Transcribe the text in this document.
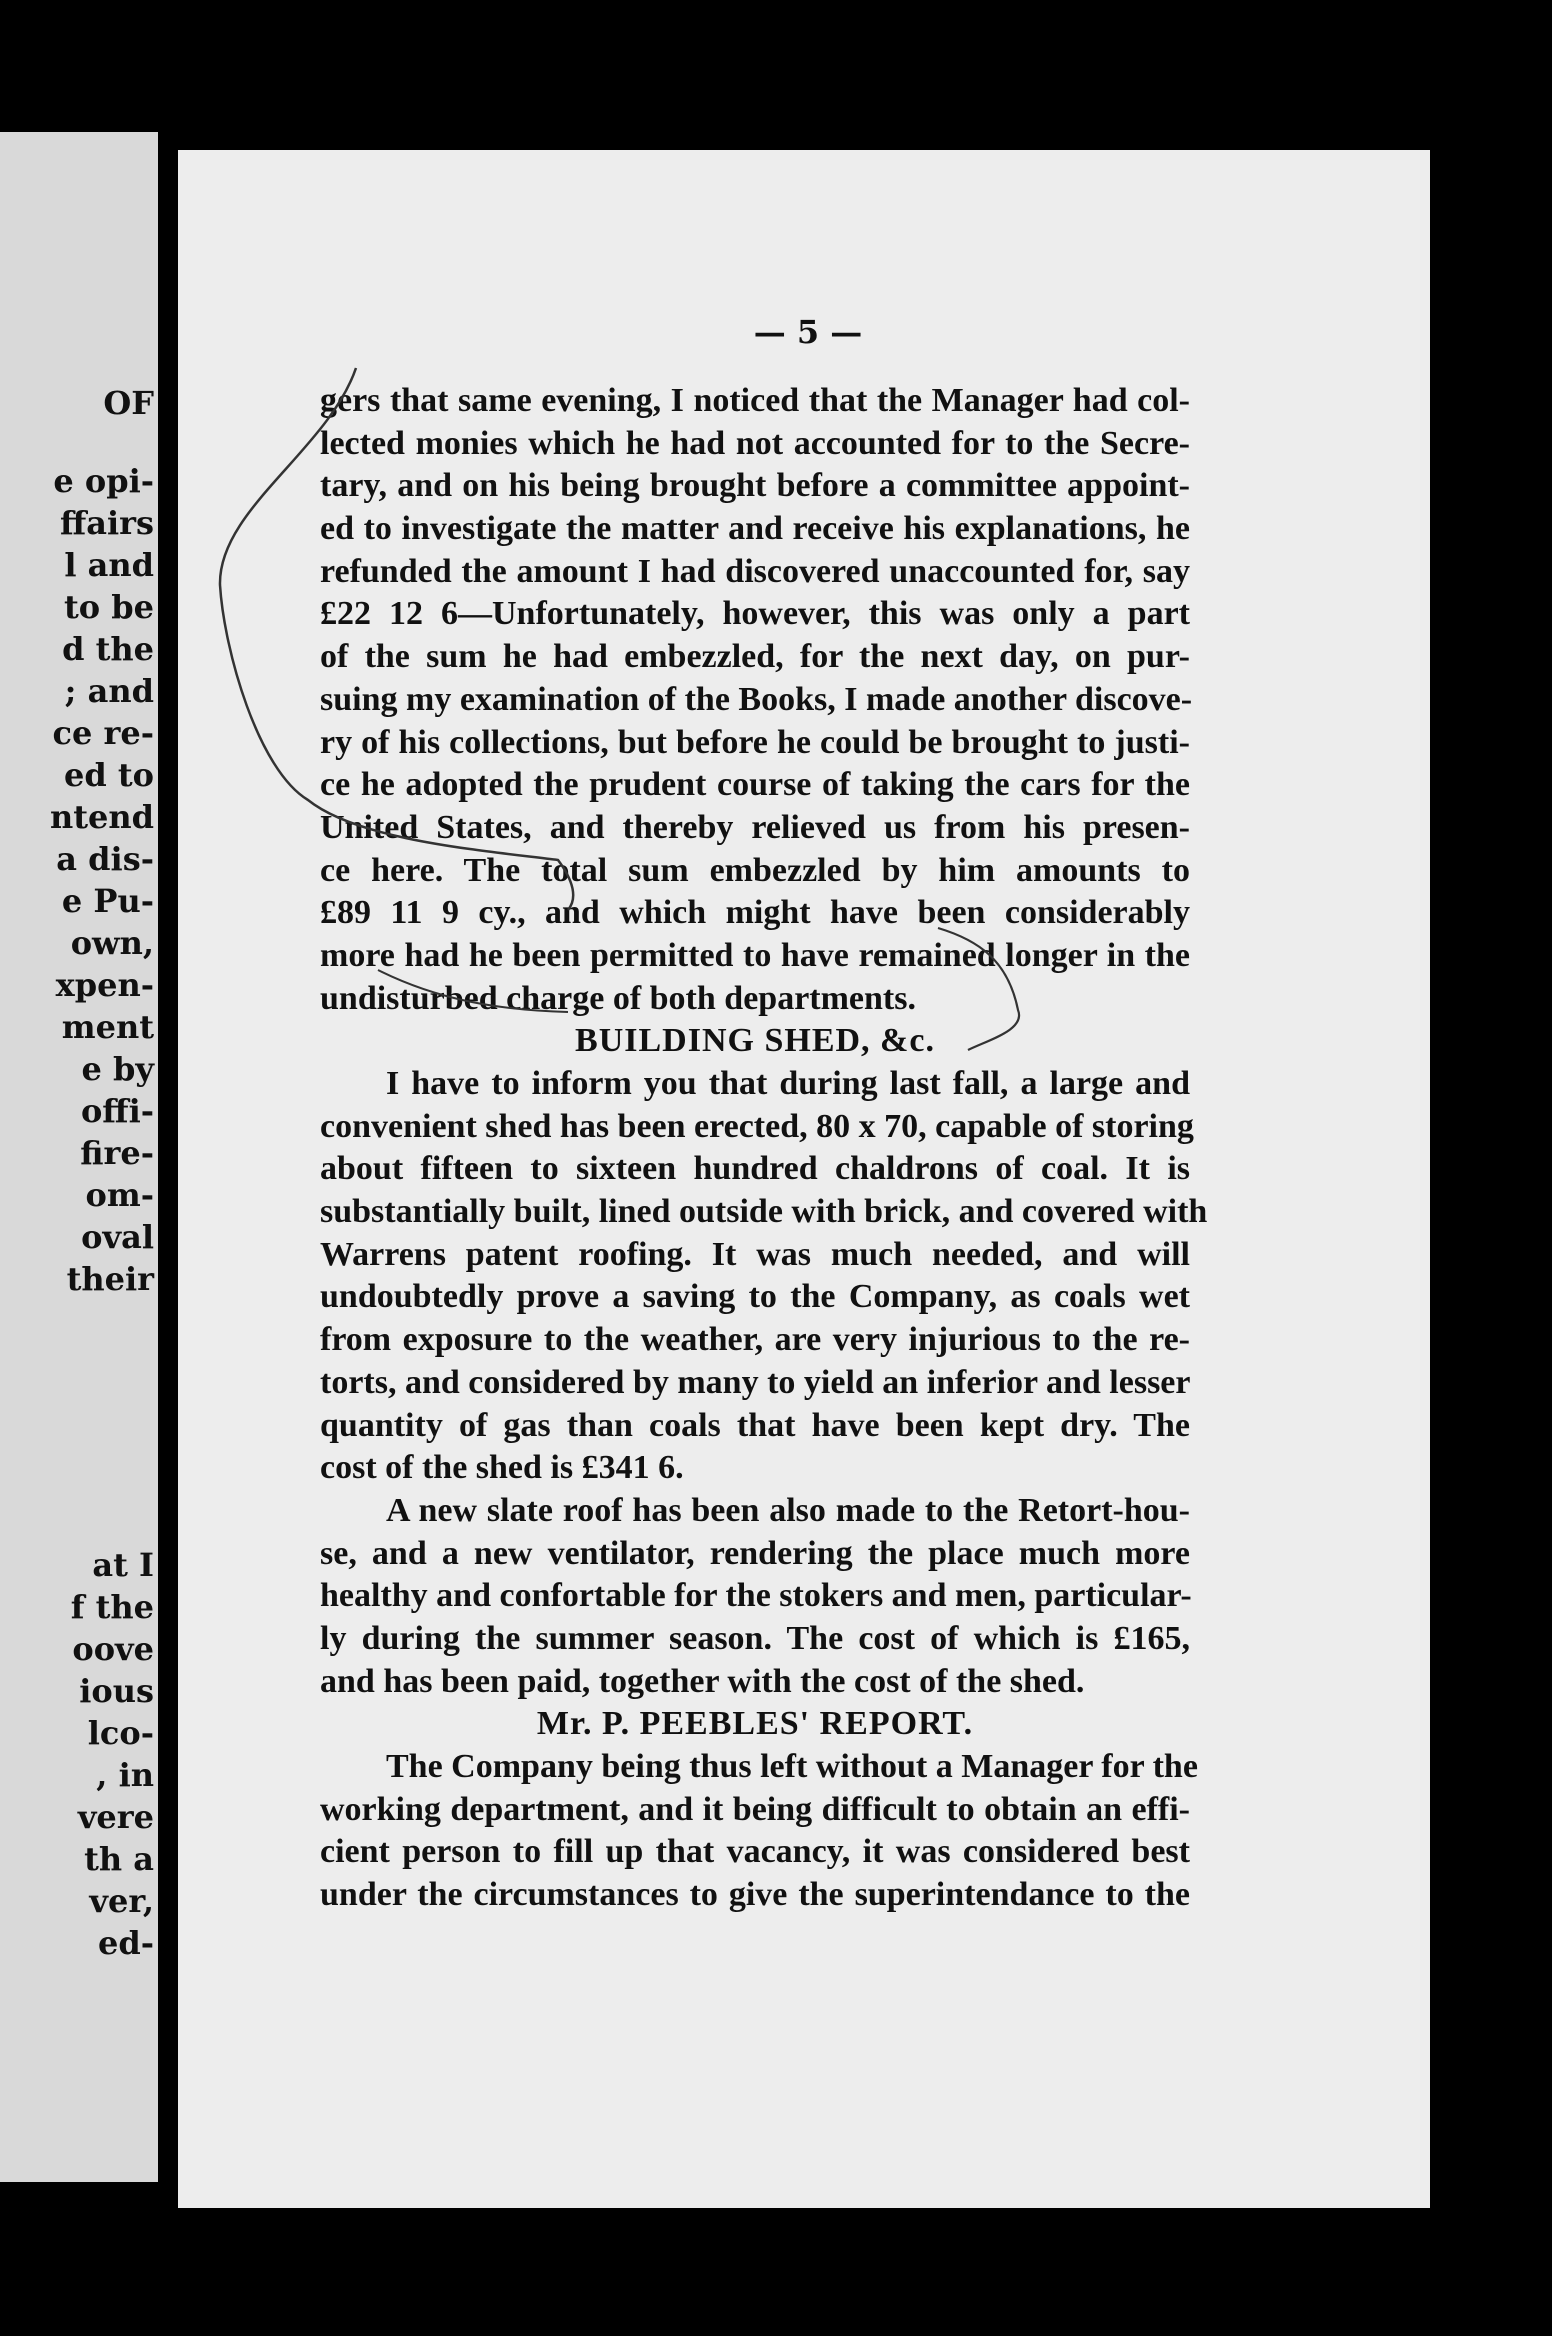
OF
e opi-
ffairs
l and
to be
d the
; and
ce re-
ed to
ntend
a dis-
e Pu-
own,
xpen-
ment
e by
offi-
fire-
om-
oval
their
at I
f the
oove
ious
lco-
, in
vere
th a
ver,
ed-
— 5 —
gers that same evening, I noticed that the Manager had col-
lected monies which he had not accounted for to the Secre-
tary, and on his being brought before a committee appoint-
ed to investigate the matter and receive his explanations, he
refunded the amount I had discovered unaccounted for, say
£22 12 6—Unfortunately, however, this was only a part
of the sum he had embezzled, for the next day, on pur-
suing my examination of the Books, I made another discove-
ry of his collections, but before he could be brought to justi-
ce he adopted the prudent course of taking the cars for the
United States, and thereby relieved us from his presen-
ce here. The total sum embezzled by him amounts to
£89 11 9 cy., and which might have been considerably
more had he been permitted to have remained longer in the
undisturbed charge of both departments.
BUILDING SHED, &c.
I have to inform you that during last fall, a large and
convenient shed has been erected, 80 x 70, capable of storing
about fifteen to sixteen hundred chaldrons of coal. It is
substantially built, lined outside with brick, and covered with
Warrens patent roofing. It was much needed, and will
undoubtedly prove a saving to the Company, as coals wet
from exposure to the weather, are very injurious to the re-
torts, and considered by many to yield an inferior and lesser
quantity of gas than coals that have been kept dry. The
cost of the shed is £341 6.
A new slate roof has been also made to the Retort-hou-
se, and a new ventilator, rendering the place much more
healthy and confortable for the stokers and men, particular-
ly during the summer season. The cost of which is £165,
and has been paid, together with the cost of the shed.
Mr. P. PEEBLES' REPORT.
The Company being thus left without a Manager for the
working department, and it being difficult to obtain an effi-
cient person to fill up that vacancy, it was considered best
under the circumstances to give the superintendance to the
